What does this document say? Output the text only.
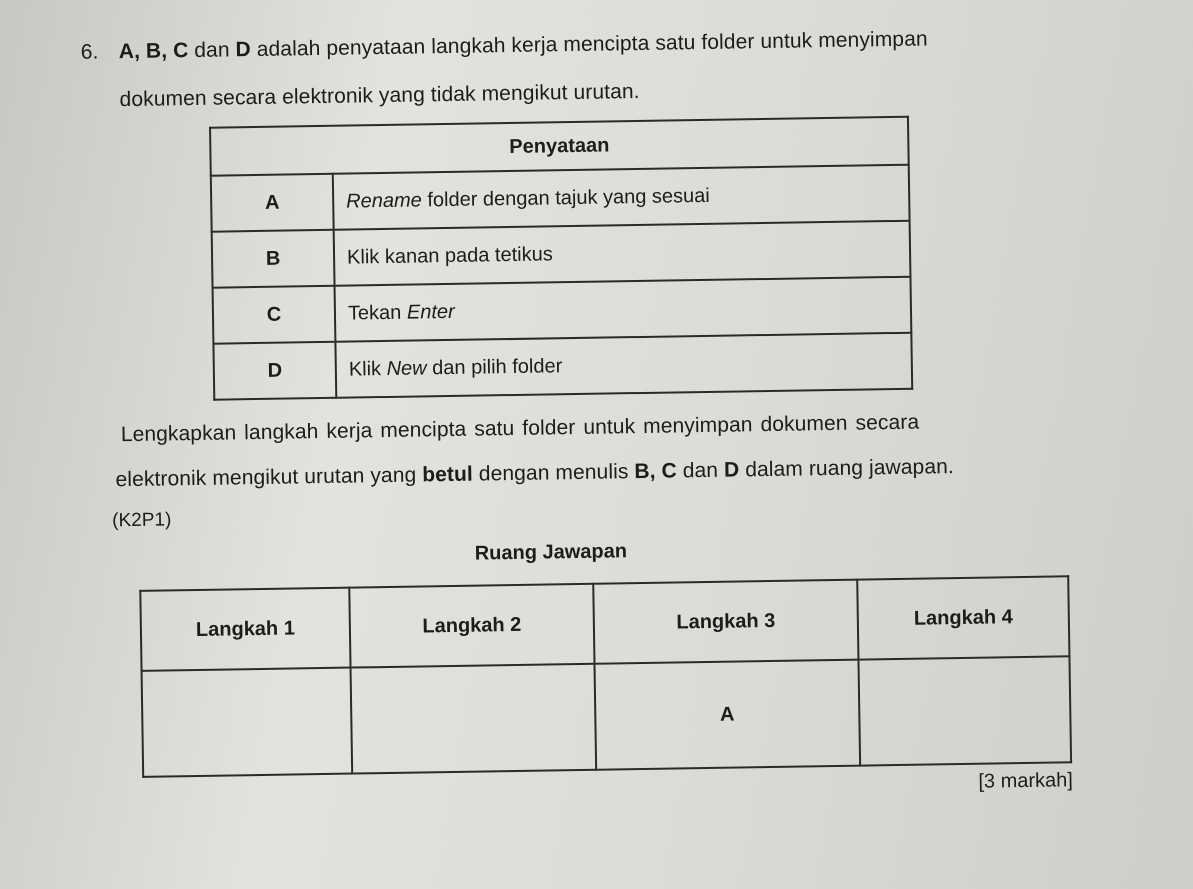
6. A, B, C dan D adalah penyataan langkah kerja mencipta satu folder untuk menyimpan
dokumen secara elektronik yang tidak mengikut urutan.
Penyataan	
A	Rename folder dengan tajuk yang sesuai
B	Klik kanan pada tetikus
C	Tekan Enter
D	Klik New dan pilih folder
Lengkapkan langkah kerja mencipta satu folder untuk menyimpan dokumen secara
elektronik mengikut urutan yang betul dengan menulis B, C dan D dalam ruang jawapan.
(K2P1)
Ruang Jawapan
Langkah 1	Langkah 2	Langkah 3	Langkah 4
		A	
[3 markah]
